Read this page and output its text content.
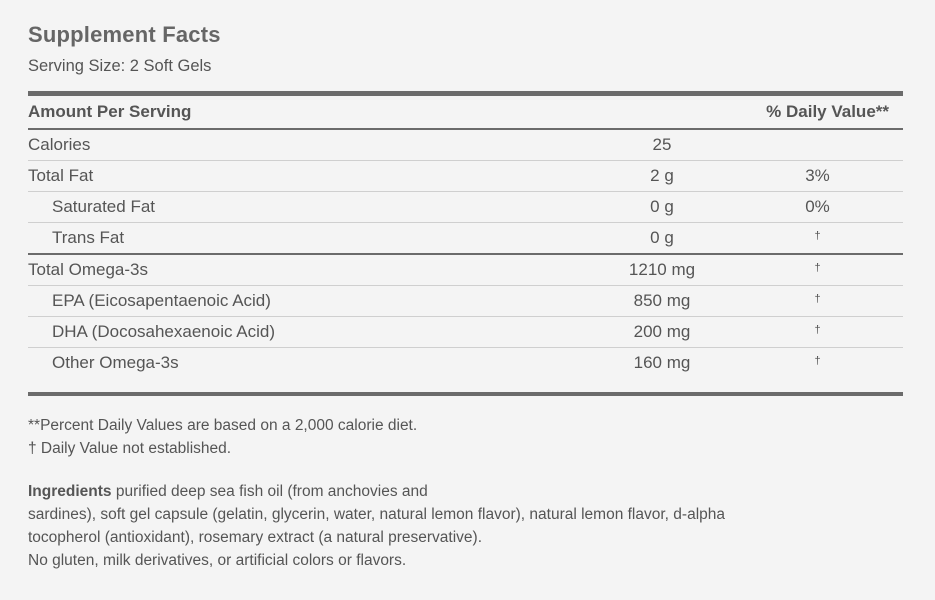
Supplement Facts
Serving Size: 2 Soft Gels
Amount Per Serving		% Daily Value**
Calories	25	
Total Fat	2 g	3%
Saturated Fat	0 g	0%
Trans Fat	0 g	†
Total Omega-3s	1210 mg	†
EPA (Eicosapentaenoic Acid)	850 mg	†
DHA (Docosahexaenoic Acid)	200 mg	†
Other Omega-3s	160 mg	†
**Percent Daily Values are based on a 2,000 calorie diet.
† Daily Value not established.
Ingredients purified deep sea fish oil (from anchovies and
sardines), soft gel capsule (gelatin, glycerin, water, natural lemon flavor), natural lemon flavor, d-alpha
tocopherol (antioxidant), rosemary extract (a natural preservative).
No gluten, milk derivatives, or artificial colors or flavors.
